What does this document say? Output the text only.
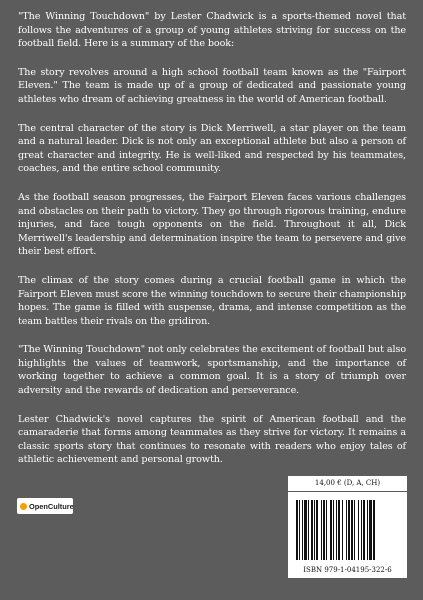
"The Winning Touchdown" by Lester Chadwick is a sports-themed novel that follows the adventures of a group of young athletes striving for success on the football field. Here is a summary of the book:

The story revolves around a high school football team known as the "Fairport Eleven." The team is made up of a group of dedicated and passionate young athletes who dream of achieving greatness in the world of American football.

The central character of the story is Dick Merriwell, a star player on the team and a natural leader. Dick is not only an exceptional athlete but also a person of great character and integrity. He is well-liked and respected by his teammates, coaches, and the entire school community.

As the football season progresses, the Fairport Eleven faces various challenges and obstacles on their path to victory. They go through rigorous training, endure injuries, and face tough opponents on the field. Throughout it all, Dick Merriwell's leadership and determination inspire the team to persevere and give their best effort.

The climax of the story comes during a crucial football game in which the Fairport Eleven must score the winning touchdown to secure their championship hopes. The game is filled with suspense, drama, and intense competition as the team battles their rivals on the gridiron.

"The Winning Touchdown" not only celebrates the excitement of football but also highlights the values of teamwork, sportsmanship, and the importance of working together to achieve a common goal. It is a story of triumph over adversity and the rewards of dedication and perseverance.

Lester Chadwick's novel captures the spirit of American football and the camaraderie that forms among teammates as they strive for victory. It remains a classic sports story that continues to resonate with readers who enjoy tales of athletic achievement and personal growth.

OpenCulture
14,00 € (D, A, CH)
ISBN 979-1-04195-322-6
